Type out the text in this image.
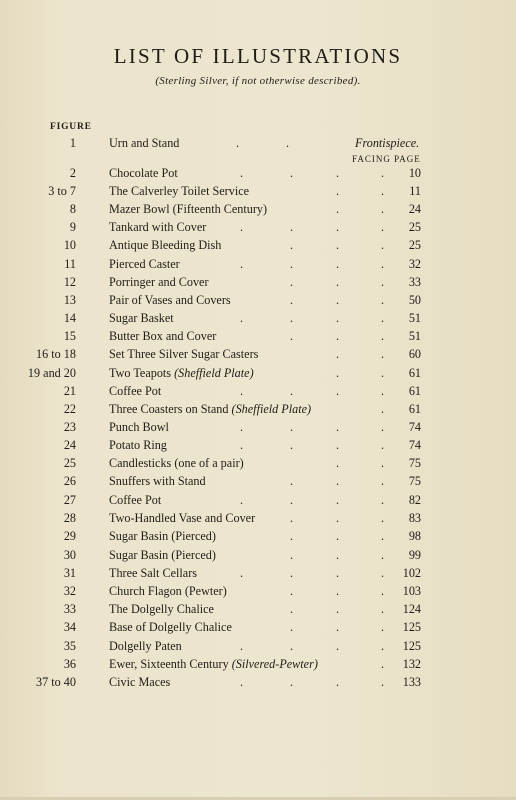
LIST OF ILLUSTRATIONS
(Sterling Silver, if not otherwise described).
FIGURE
FACING PAGE
1	Urn and Stand	.	.	Frontispiece.
2	Chocolate Pot	.	.	.	. 10
3 to 7	The Calverley Toilet Service	.	. 11
8	Mazer Bowl (Fifteenth Century)	.	. 24
9	Tankard with Cover	.	.	.	. 25
10	Antique Bleeding Dish	.	.	. 25
11	Pierced Caster	.	.	.	. 32
12	Porringer and Cover	.	.	. 33
13	Pair of Vases and Covers	.	.	. 50
14	Sugar Basket	.	.	.	. 51
15	Butter Box and Cover	.	.	. 51
16 to 18	Set Three Silver Sugar Casters	.	. 60
19 and 20	Two Teapots (Sheffield Plate)	.	. 61
21	Coffee Pot	.	.	.	. 61
22	Three Coasters on Stand (Sheffield Plate)	. 61
23	Punch Bowl	.	.	.	. 74
24	Potato Ring	.	.	.	. 74
25	Candlesticks (one of a pair)	.	. 75
26	Snuffers with Stand	.	.	. 75
27	Coffee Pot	.	.	.	. 82
28	Two-Handled Vase and Cover	.	.	. 83
29	Sugar Basin (Pierced)	.	.	. 98
30	Sugar Basin (Pierced)	.	.	. 99
31	Three Salt Cellars	.	.	.	. 102
32	Church Flagon (Pewter)	.	.	. 103
33	The Dolgelly Chalice	.	.	. 124
34	Base of Dolgelly Chalice	.	.	. 125
35	Dolgelly Paten	.	.	.	. 125
36	Ewer, Sixteenth Century (Silvered-Pewter)	. 132
37 to 40	Civic Maces	.	.	.	. 133
